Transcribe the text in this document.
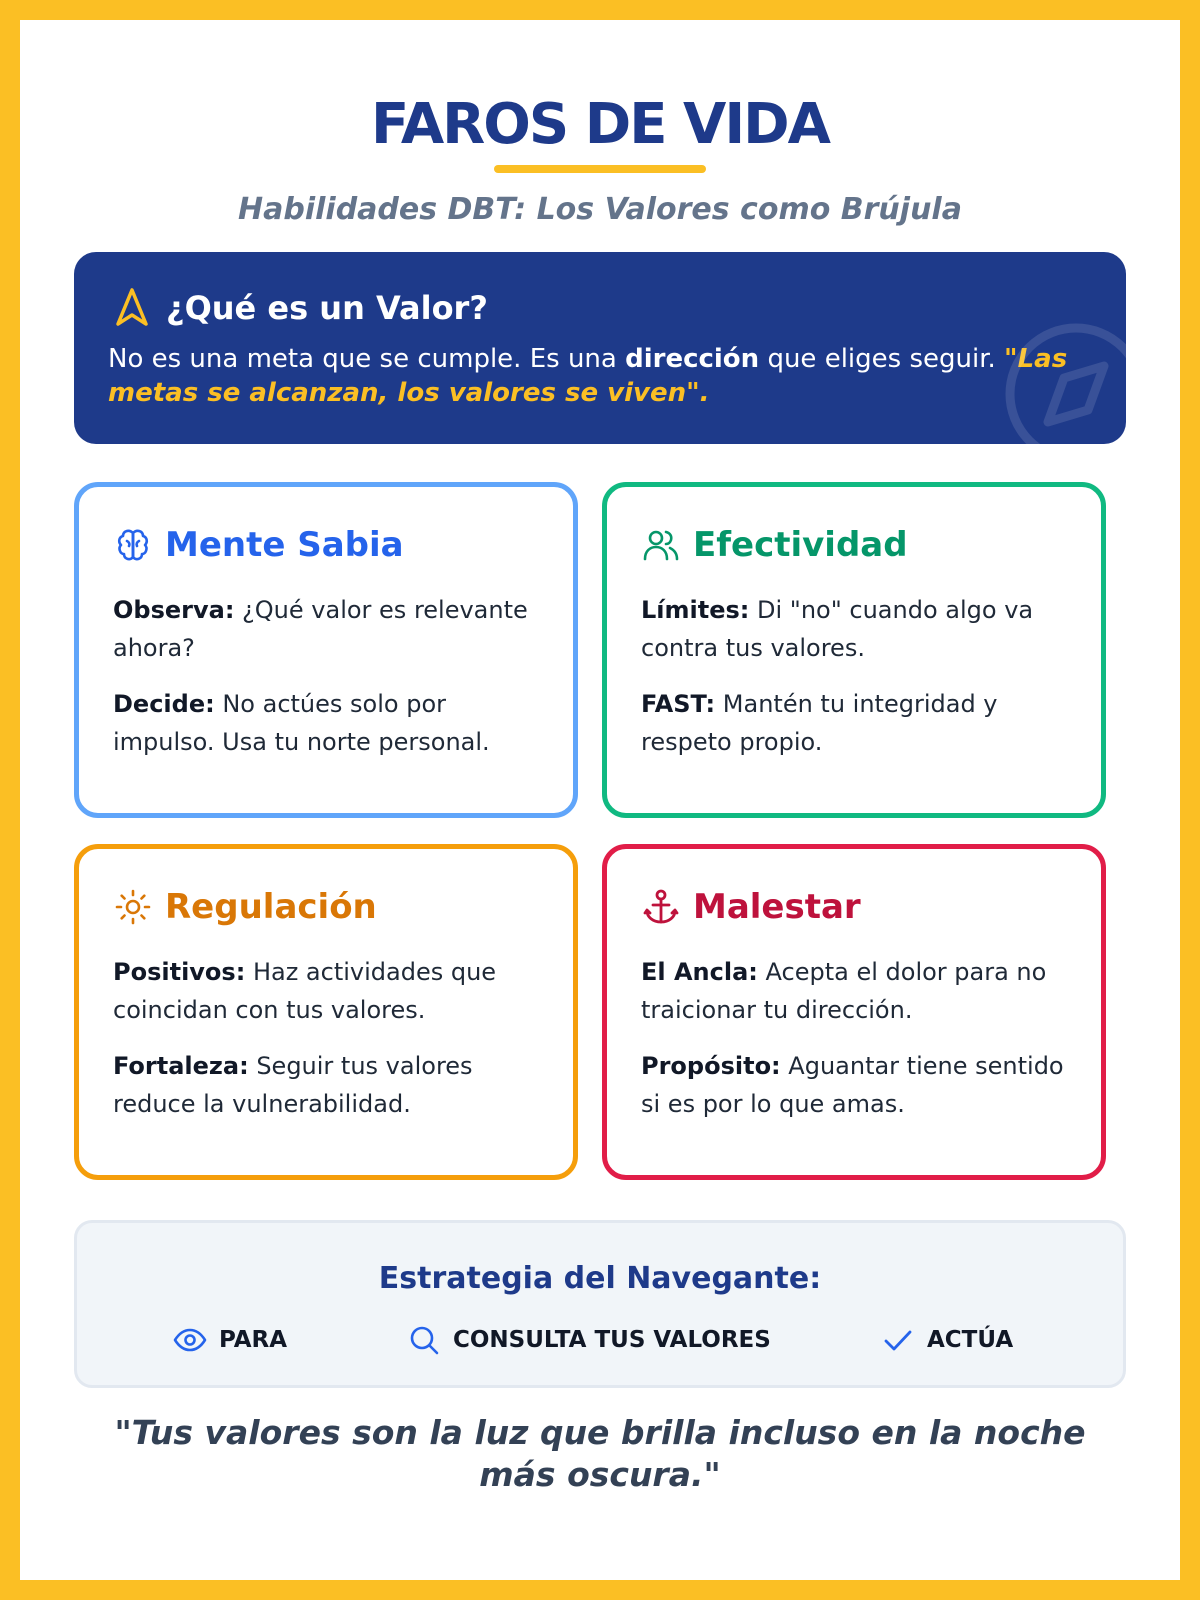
FAROS DE VIDA
Habilidades DBT: Los Valores como Brújula
¿Qué es un Valor?
No es una meta que se cumple. Es una dirección que eliges seguir. "Las metas se alcanzan, los valores se viven".
Mente Sabia

Observa: ¿Qué valor es relevante ahora?

Decide: No actúes solo por impulso. Usa tu norte personal.

Efectividad

Límites: Di "no" cuando algo va contra tus valores.

FAST: Mantén tu integridad y respeto propio.

Regulación

Positivos: Haz actividades que coincidan con tus valores.

Fortaleza: Seguir tus valores reduce la vulnerabilidad.

Malestar

El Ancla: Acepta el dolor para no traicionar tu dirección.

Propósito: Aguantar tiene sentido si es por lo que amas.

Estrategia del Navegante:
PARA	CONSULTA TUS VALORES	ACTÚA
"Tus valores son la luz que brilla incluso en la noche más oscura."
